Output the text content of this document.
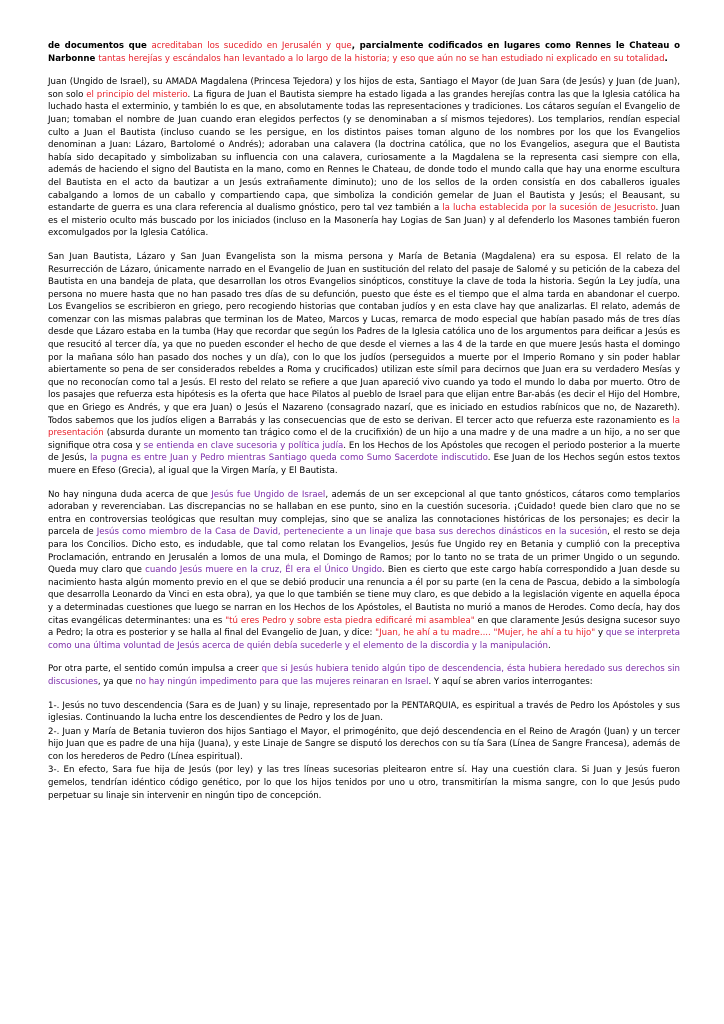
de documentos que acreditaban los sucedido en Jerusalén y que, parcialmente codificados en lugares como Rennes le Chateau o Narbonne tantas herejías y escándalos han levantado a lo largo de la historia; y eso que aún no se han estudiado ni explicado en su totalidad.

Juan (Ungido de Israel), su AMADA Magdalena (Princesa Tejedora) y los hijos de esta, Santiago el Mayor (de Juan Sara (de Jesús) y Juan (de Juan), son solo el principio del misterio. La figura de Juan el Bautista siempre ha estado ligada a las grandes herejías contra las que la Iglesia católica ha luchado hasta el exterminio, y también lo es que, en absolutamente todas las representaciones y tradiciones. Los cátaros seguían el Evangelio de Juan; tomaban el nombre de Juan cuando eran elegidos perfectos (y se denominaban a sí mismos tejedores). Los templarios, rendían especial culto a Juan el Bautista (incluso cuando se les persigue, en los distintos paises toman alguno de los nombres por los que los Evangelios denominan a Juan: Lázaro, Bartolomé o Andrés); adoraban una calavera (la doctrina católica, que no los Evangelios, asegura que el Bautista había sido decapitado y simbolizaban su influencia con una calavera, curiosamente a la Magdalena se la representa casi siempre con ella, además de haciendo el signo del Bautista en la mano, como en Rennes le Chateau, de donde todo el mundo calla que hay una enorme escultura del Bautista en el acto da bautizar a un Jesús extrañamente diminuto); uno de los sellos de la orden consistía en dos caballeros iguales cabalgando a lomos de un caballo y compartiendo capa, que simboliza la condición gemelar de Juan el Bautista y Jesús; el Beausant, su estandarte de guerra es una clara referencia al dualismo gnóstico, pero tal vez también a la lucha establecida por la sucesión de Jesucristo. Juan es el misterio oculto más buscado por los iniciados (incluso en la Masonería hay Logias de San Juan) y al defenderlo los Masones también fueron excomulgados por la Iglesia Católica.

San Juan Bautista, Lázaro y San Juan Evangelista son la misma persona y María de Betania (Magdalena) era su esposa. El relato de la Resurrección de Lázaro, únicamente narrado en el Evangelio de Juan en sustitución del relato del pasaje de Salomé y su petición de la cabeza del Bautista en una bandeja de plata, que desarrollan los otros Evangelios sinópticos, constituye la clave de toda la historia. Según la Ley judía, una persona no muere hasta que no han pasado tres días de su defunción, puesto que éste es el tiempo que el alma tarda en abandonar el cuerpo. Los Evangelios se escribieron en griego, pero recogiendo historias que contaban judíos y en esta clave hay que analizarlas. El relato, además de comenzar con las mismas palabras que terminan los de Mateo, Marcos y Lucas, remarca de modo especial que habían pasado más de tres días desde que Lázaro estaba en la tumba (Hay que recordar que según los Padres de la Iglesia católica uno de los argumentos para deificar a Jesús es que resucitó al tercer día, ya que no pueden esconder el hecho de que desde el viernes a las 4 de la tarde en que muere Jesús hasta el domingo por la mañana sólo han pasado dos noches y un día), con lo que los judíos (perseguidos a muerte por el Imperio Romano y sin poder hablar abiertamente so pena de ser considerados rebeldes a Roma y crucificados) utilizan este símil para decirnos que Juan era su verdadero Mesías y que no reconocían como tal a Jesús. El resto del relato se refiere a que Juan apareció vivo cuando ya todo el mundo lo daba por muerto. Otro de los pasajes que refuerza esta hipótesis es la oferta que hace Pilatos al pueblo de Israel para que elijan entre Bar-abás (es decir el Hijo del Hombre, que en Griego es Andrés, y que era Juan) o Jesús el Nazareno (consagrado nazarí, que es iniciado en estudios rabínicos que no, de Nazareth). Todos sabemos que los judíos eligen a Barrabás y las consecuencias que de esto se derivan. El tercer acto que refuerza este razonamiento es la presentación (absurda durante un momento tan trágico como el de la crucifixión) de un hijo a una madre y de una madre a un hijo, a no ser que signifique otra cosa y se entienda en clave sucesoria y política judía. En los Hechos de los Apóstoles que recogen el periodo posterior a la muerte de Jesús, la pugna es entre Juan y Pedro mientras Santiago queda como Sumo Sacerdote indiscutido. Ese Juan de los Hechos según estos textos muere en Efeso (Grecia), al igual que la Virgen María, y El Bautista.

No hay ninguna duda acerca de que Jesús fue Ungido de Israel, además de un ser excepcional al que tanto gnósticos, cátaros como templarios adoraban y reverenciaban. Las discrepancias no se hallaban en ese punto, sino en la cuestión sucesoria. ¡Cuidado! quede bien claro que no se entra en controversias teológicas que resultan muy complejas, sino que se analiza las connotaciones históricas de los personajes; es decir la parcela de Jesús como miembro de la Casa de David, perteneciente a un linaje que basa sus derechos dinásticos en la sucesión, el resto se deja para los Concilios. Dicho esto, es indudable, que tal como relatan los Evangelios, Jesús fue Ungido rey en Betania y cumplió con la preceptiva Proclamación, entrando en Jerusalén a lomos de una mula, el Domingo de Ramos; por lo tanto no se trata de un primer Ungido o un segundo. Queda muy claro que cuando Jesús muere en la cruz, Él era el Único Ungido. Bien es cierto que este cargo había correspondido a Juan desde su nacimiento hasta algún momento previo en el que se debió producir una renuncia a él por su parte (en la cena de Pascua, debido a la simbología que desarrolla Leonardo da Vinci en esta obra), ya que lo que también se tiene muy claro, es que debido a la legislación vigente en aquella época y a determinadas cuestiones que luego se narran en los Hechos de los Apóstoles, el Bautista no murió a manos de Herodes. Como decía, hay dos citas evangélicas determinantes: una es "tú eres Pedro y sobre esta piedra edificaré mi asamblea" en que claramente Jesús designa sucesor suyo a Pedro; la otra es posterior y se halla al final del Evangelio de Juan, y dice: "Juan, he ahí a tu madre.... "Mujer, he ahí a tu hijo" y que se interpreta como una última voluntad de Jesús acerca de quién debía sucederle y el elemento de la discordia y la manipulación.

Por otra parte, el sentido común impulsa a creer que si Jesús hubiera tenido algún tipo de descendencia, ésta hubiera heredado sus derechos sin discusiones, ya que no hay ningún impedimento para que las mujeres reinaran en Israel. Y aquí se abren varios interrogantes:

1-. Jesús no tuvo descendencia (Sara es de Juan) y su linaje, representado por la PENTARQUIA, es espiritual a través de Pedro los Apóstoles y sus iglesias. Continuando la lucha entre los descendientes de Pedro y los de Juan.

2-. Juan y María de Betania tuvieron dos hijos Santiago el Mayor, el primogénito, que dejó descendencia en el Reino de Aragón (Juan) y un tercer hijo Juan que es padre de una hija (Juana), y este Linaje de Sangre se disputó los derechos con su tía Sara (Línea de Sangre Francesa), además de con los herederos de Pedro (Línea espiritual).

3-. En efecto, Sara fue hija de Jesús (por ley) y las tres líneas sucesorias pleitearon entre sí. Hay una cuestión clara. Si Juan y Jesús fueron gemelos, tendrían idéntico código genético, por lo que los hijos tenidos por uno u otro, transmitirían la misma sangre, con lo que Jesús pudo perpetuar su linaje sin intervenir en ningún tipo de concepción.
